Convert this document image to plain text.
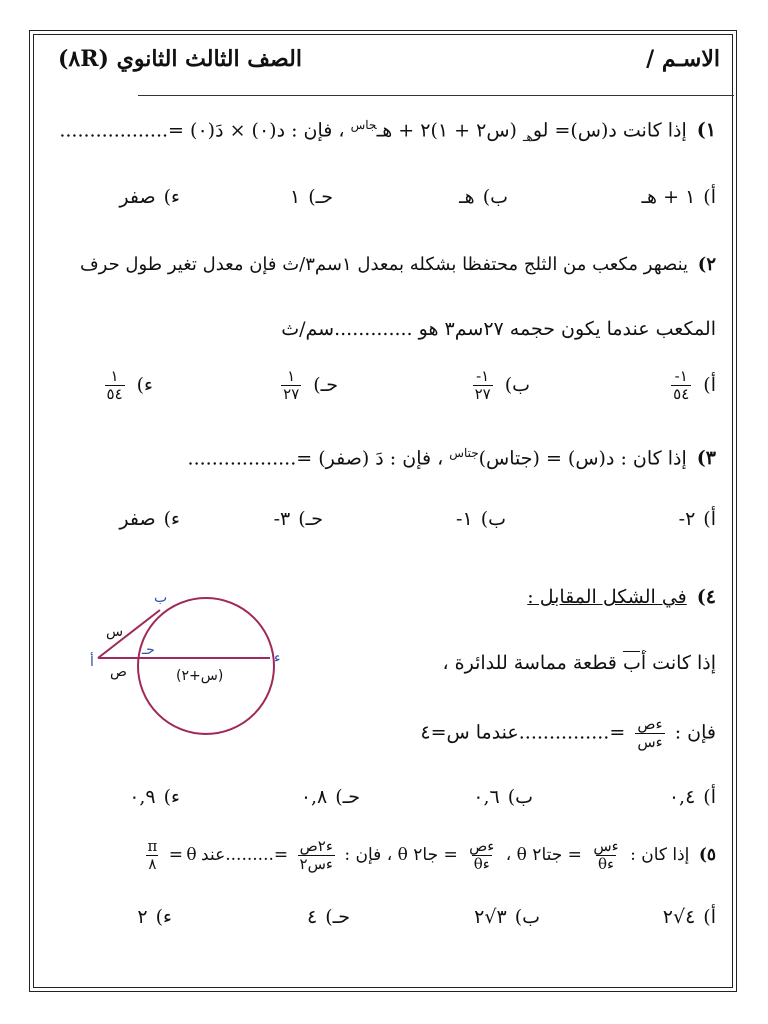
الاسـم /
(٨R) الصف الثالث الثانوي
١) إذا كانت د(س)= لو$_{هـ}$ (س٢ + ١)٢ + هـ$^{جاس}$ ، فإن : د(٠) × دَ(٠) =..................
أ)١ + هـ
ب)هـ
حـ)١
ء)صفر
٢) ينصهر مكعب من الثلج محتفظا بشكله بمعدل ١سم٣/ث فإن معدل تغير طول حرف
المكعب عندما يكون حجمه ٢٧سم٣ هو .............سم/ث
أ)
$\frac{١-}{٥٤}$
ب)
$\frac{١-}{٢٧}$
حـ)
$\frac{١}{٢٧}$
ء)
$\frac{١}{٥٤}$
٣) إذا كان : د(س) = (جتاس)$^{جتاس}$ ، فإن : دَ (صفر) =..................
أ)٢-
ب)١-
حـ)٣-
ء)صفر
٤) في الشكل المقابل :
إذا كانت أب قطعة مماسة للدائرة ،
فإن :
$\frac{\text{ءص}}{\text{ءس}}$
=...............عندما س=٤
ب
س
أ
ص
حـ	ء
(س+٢)
أ)٠,٤
ب)٠,٦
حـ)٠,٨
ء)٠,٩
٥) إذا كان :
$\frac{\text{ءس}}{\text{ءθ}}$
= جتا٢ θ ،
$\frac{\text{ءص}}{\text{ءθ}}$
= جا٢ θ ، فإن :
$\frac{\text{ء٢ص}}{\text{ءس٢}}$
=.........عند θ =
$\frac{\pi}{٨}$
أ)٤√٢
ب)٣√٢
حـ)٤
ء)٢
